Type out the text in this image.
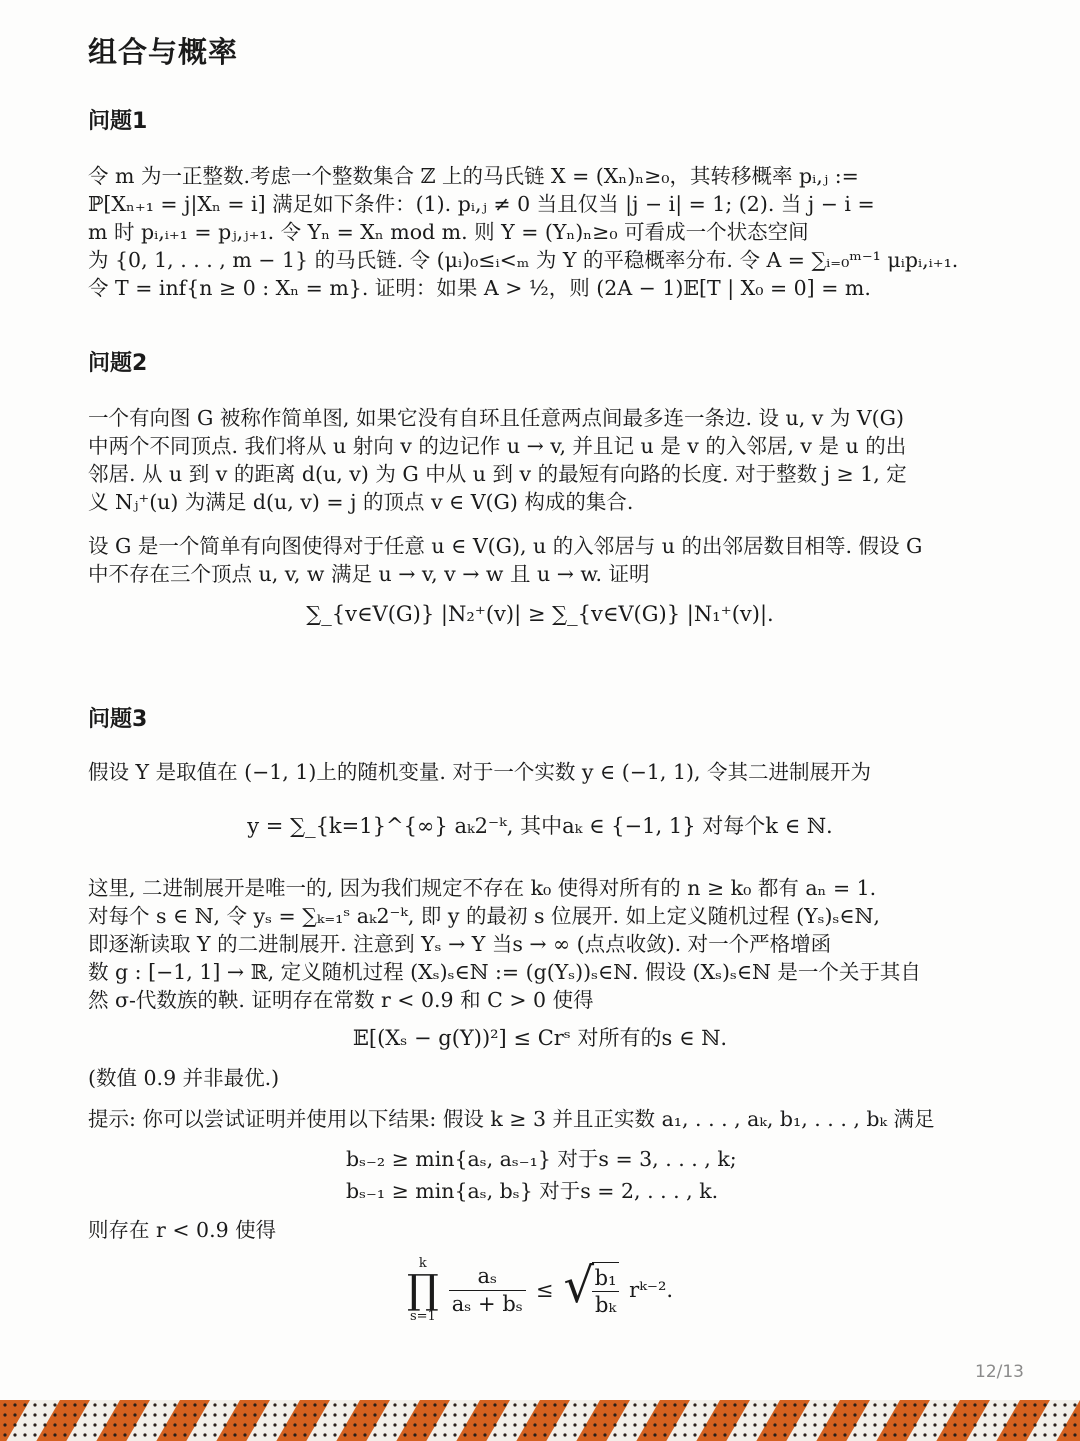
组合与概率
问题1
令 m 为一正整数.考虑一个整数集合 ℤ 上的马氏链 X = (Xₙ)ₙ≥₀，其转移概率 pᵢ,ⱼ :=
ℙ[Xₙ₊₁ = j|Xₙ = i] 满足如下条件：(1). pᵢ,ⱼ ≠ 0 当且仅当 |j − i| = 1; (2). 当 j − i =
m 时 pᵢ,ᵢ₊₁ = pⱼ,ⱼ₊₁. 令 Yₙ = Xₙ mod m. 则 Y = (Yₙ)ₙ≥₀ 可看成一个状态空间
为 {0, 1, . . . , m − 1} 的马氏链. 令 (μᵢ)₀≤ᵢ<ₘ 为 Y 的平稳概率分布. 令 A = ∑ᵢ₌₀ᵐ⁻¹ μᵢpᵢ,ᵢ₊₁.
令 T = inf{n ≥ 0 : Xₙ = m}. 证明：如果 A > ½，则 (2A − 1)𝔼[T | X₀ = 0] = m.
问题2
一个有向图 G 被称作简单图, 如果它没有自环且任意两点间最多连一条边. 设 u, v 为 V(G)
中两个不同顶点. 我们将从 u 射向 v 的边记作 u → v, 并且记 u 是 v 的入邻居, v 是 u 的出
邻居. 从 u 到 v 的距离 d(u, v) 为 G 中从 u 到 v 的最短有向路的长度. 对于整数 j ≥ 1, 定
义 Nⱼ⁺(u) 为满足 d(u, v) = j 的顶点 v ∈ V(G) 构成的集合.
设 G 是一个简单有向图使得对于任意 u ∈ V(G), u 的入邻居与 u 的出邻居数目相等. 假设 G
中不存在三个顶点 u, v, w 满足 u → v, v → w 且 u → w. 证明
∑_{v∈V(G)} |N₂⁺(v)| ≥ ∑_{v∈V(G)} |N₁⁺(v)|.
问题3
假设 Y 是取值在 (−1, 1)上的随机变量. 对于一个实数 y ∈ (−1, 1), 令其二进制展开为
y = ∑_{k=1}^{∞} aₖ2⁻ᵏ, 其中aₖ ∈ {−1, 1} 对每个k ∈ ℕ.
这里, 二进制展开是唯一的, 因为我们规定不存在 k₀ 使得对所有的 n ≥ k₀ 都有 aₙ = 1.
对每个 s ∈ ℕ, 令 yₛ = ∑ₖ₌₁ˢ aₖ2⁻ᵏ, 即 y 的最初 s 位展开. 如上定义随机过程 (Yₛ)ₛ∈ℕ,
即逐渐读取 Y 的二进制展开. 注意到 Yₛ → Y 当s → ∞ (点点收敛). 对一个严格增函
数 g : [−1, 1] → ℝ, 定义随机过程 (Xₛ)ₛ∈ℕ := (g(Yₛ))ₛ∈ℕ. 假设 (Xₛ)ₛ∈ℕ 是一个关于其自
然 σ-代数族的鞅. 证明存在常数 r < 0.9 和 C > 0 使得
𝔼[(Xₛ − g(Y))²] ≤ Crˢ 对所有的s ∈ ℕ.
(数值 0.9 并非最优.)
提示: 你可以尝试证明并使用以下结果: 假设 k ≥ 3 并且正实数 a₁, . . . , aₖ, b₁, . . . , bₖ 满足
bₛ₋₂ ≥ min{aₛ, aₛ₋₁} 对于s = 3, . . . , k;
bₛ₋₁ ≥ min{aₛ, bₛ} 对于s = 2, . . . , k.
则存在 r < 0.9 使得
k
∏
$s=1 \frac{\text{aₛ}}{\text{aₛ + bₛ}}$ ≤ √
$\frac{\text{b₁}}{\text{bₖ}}$ rᵏ⁻².
12/13
